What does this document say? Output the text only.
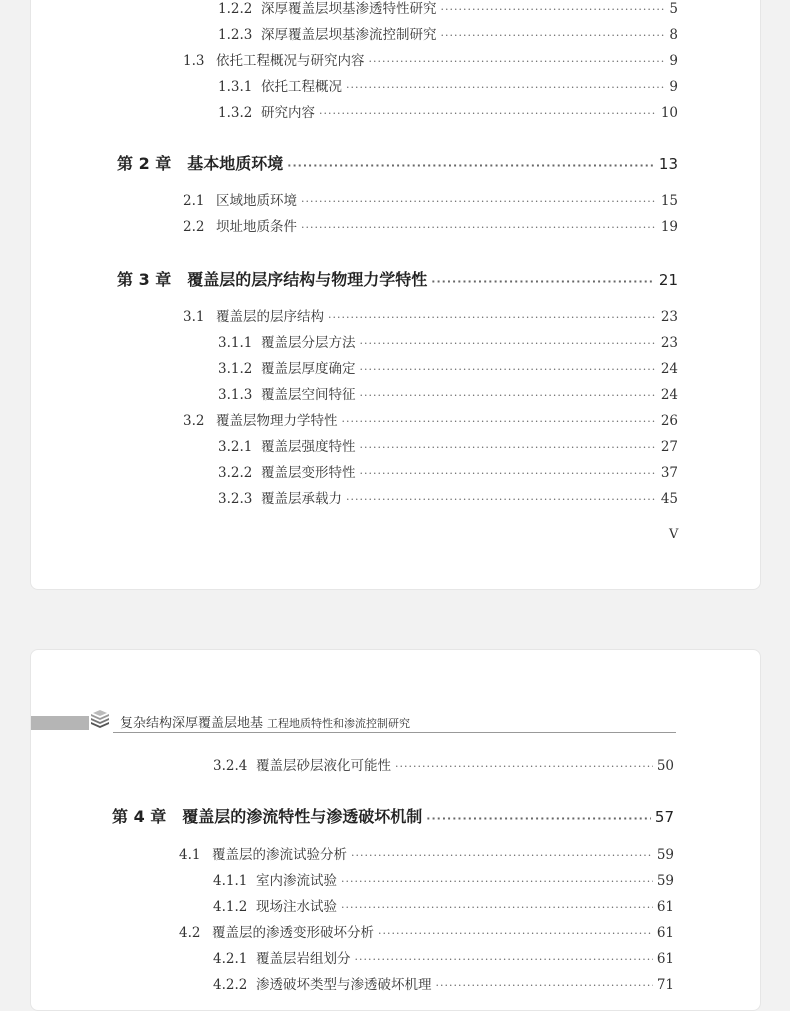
1.2.2 深厚覆盖层坝基渗透特性研究 ·····	5
1.2.3 深厚覆盖层坝基渗流控制研究 ·····	8
1.3 依托工程概况与研究内容 ·····	9
1.3.1 依托工程概况 ·····	9
1.3.2 研究内容 ·····	10
第 2 章 基本地质环境 ·····	13
2.1 区域地质环境 ·····	15
2.2 坝址地质条件 ·····	19
第 3 章 覆盖层的层序结构与物理力学特性 ·····	21
3.1 覆盖层的层序结构 ·····	23
3.1.1 覆盖层分层方法 ·····	23
3.1.2 覆盖层厚度确定 ·····	24
3.1.3 覆盖层空间特征 ·····	24
3.2 覆盖层物理力学特性 ·····	26
3.2.1 覆盖层强度特性 ·····	27
3.2.2 覆盖层变形特性 ·····	37
3.2.3 覆盖层承载力 ·····	45
V
复杂结构深厚覆盖层地基 工程地质特性和渗流控制研究
3.2.4 覆盖层砂层液化可能性 ·····	50
第 4 章 覆盖层的渗流特性与渗透破坏机制 ·····	57
4.1 覆盖层的渗流试验分析 ·····	59
4.1.1 室内渗流试验 ·····	59
4.1.2 现场注水试验 ·····	61
4.2 覆盖层的渗透变形破坏分析 ·····	61
4.2.1 覆盖层岩组划分 ·····	61
4.2.2 渗透破坏类型与渗透破坏机理 ·····	71
